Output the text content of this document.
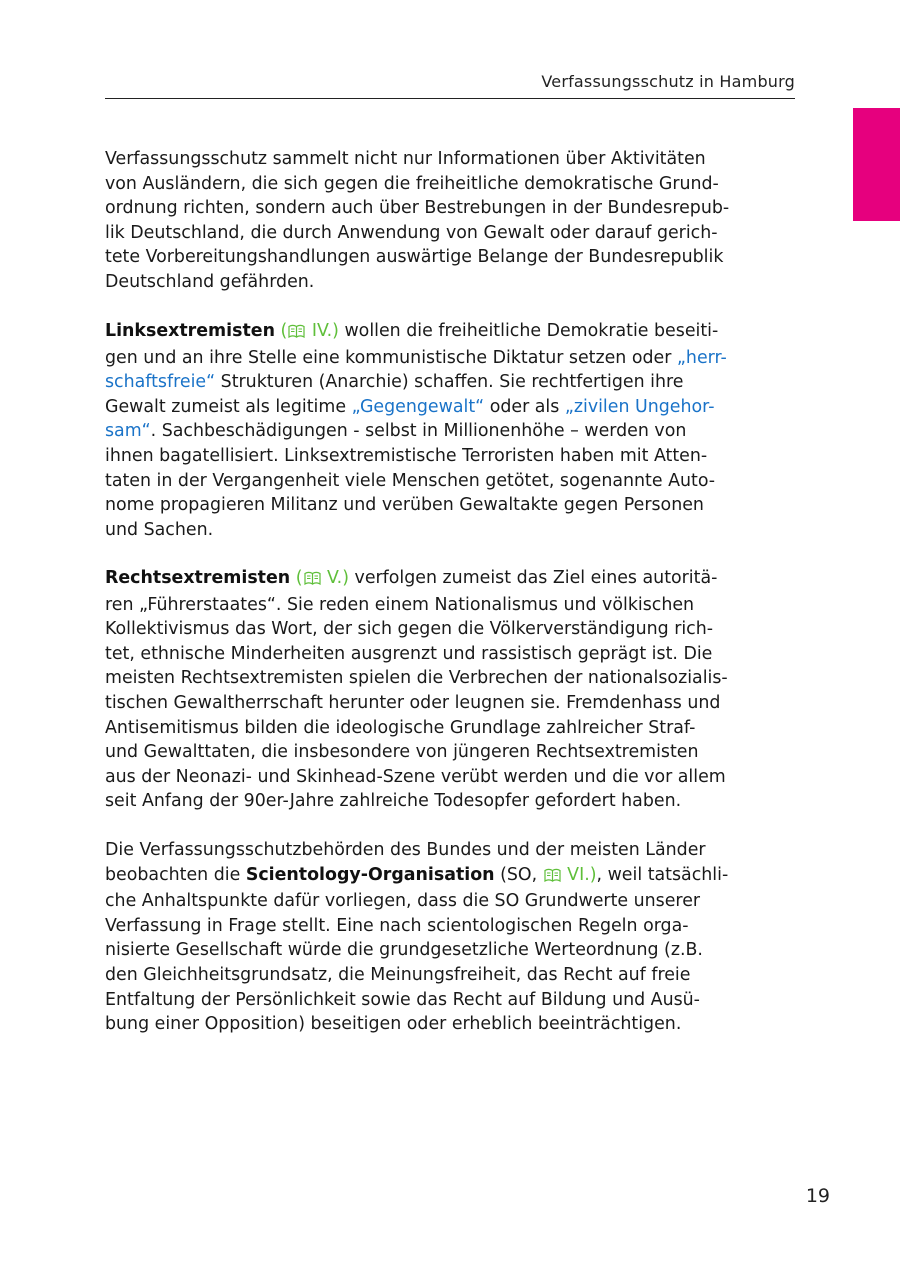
Verfassungsschutz in Hamburg
Verfassungsschutz sammelt nicht nur Informationen über Aktivitäten
von Ausländern, die sich gegen die freiheitliche demokratische Grund-
ordnung richten, sondern auch über Bestrebungen in der Bundesrepub-
lik Deutschland, die durch Anwendung von Gewalt oder darauf gerich-
tete Vorbereitungshandlungen auswärtige Belange der Bundesrepublik
Deutschland gefährden.
Linksextremisten ( IV.) wollen die freiheitliche Demokratie beseiti-
gen und an ihre Stelle eine kommunistische Diktatur setzen oder „herr-
schaftsfreie“ Strukturen (Anarchie) schaffen. Sie rechtfertigen ihre
Gewalt zumeist als legitime „Gegengewalt“ oder als „zivilen Ungehor-
sam“. Sachbeschädigungen - selbst in Millionenhöhe – werden von
ihnen bagatellisiert. Linksextremistische Terroristen haben mit Atten-
taten in der Vergangenheit viele Menschen getötet, sogenannte Auto-
nome propagieren Militanz und verüben Gewaltakte gegen Personen
und Sachen.
Rechtsextremisten ( V.) verfolgen zumeist das Ziel eines autoritä-
ren „Führerstaates“. Sie reden einem Nationalismus und völkischen
Kollektivismus das Wort, der sich gegen die Völkerverständigung rich-
tet, ethnische Minderheiten ausgrenzt und rassistisch geprägt ist. Die
meisten Rechtsextremisten spielen die Verbrechen der nationalsozialis-
tischen Gewaltherrschaft herunter oder leugnen sie. Fremdenhass und
Antisemitismus bilden die ideologische Grundlage zahlreicher Straf-
und Gewalttaten, die insbesondere von jüngeren Rechtsextremisten
aus der Neonazi- und Skinhead-Szene verübt werden und die vor allem
seit Anfang der 90er-Jahre zahlreiche Todesopfer gefordert haben.
Die Verfassungsschutzbehörden des Bundes und der meisten Länder
beobachten die Scientology-Organisation (SO,  VI.), weil tatsächli-
che Anhaltspunkte dafür vorliegen, dass die SO Grundwerte unserer
Verfassung in Frage stellt. Eine nach scientologischen Regeln orga-
nisierte Gesellschaft würde die grundgesetzliche Werteordnung (z.B.
den Gleichheitsgrundsatz, die Meinungsfreiheit, das Recht auf freie
Entfaltung der Persönlichkeit sowie das Recht auf Bildung und Ausü-
bung einer Opposition) beseitigen oder erheblich beeinträchtigen.
19
